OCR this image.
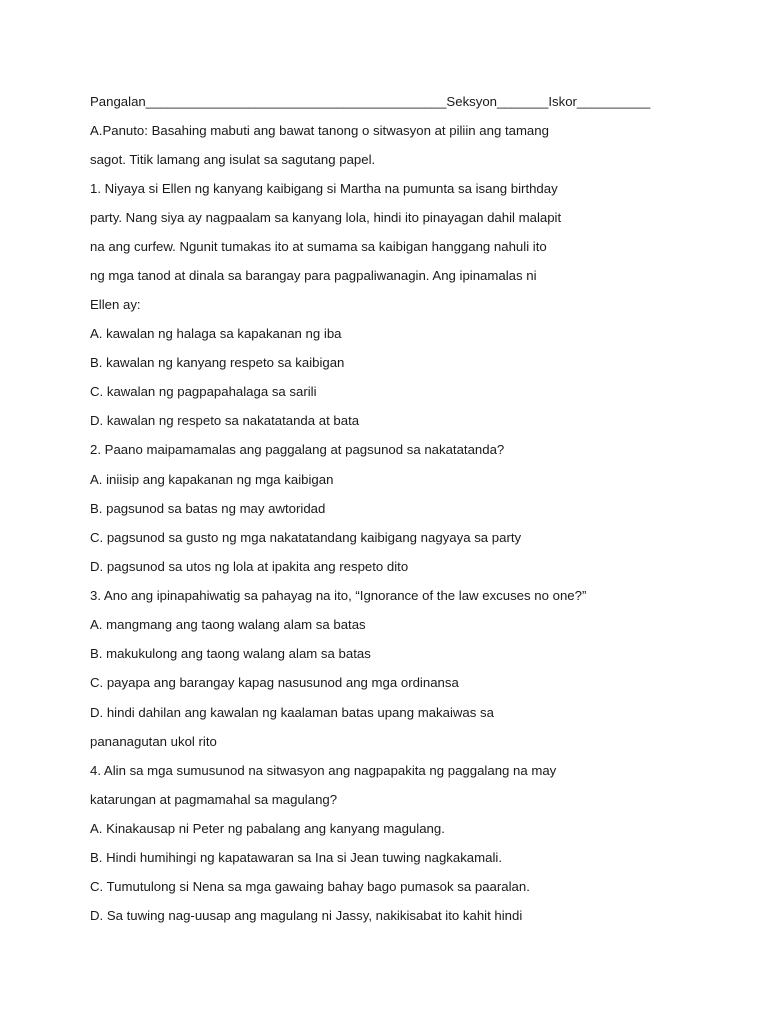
Pangalan_________________________________________Seksyon_______Iskor__________
A.Panuto: Basahing mabuti ang bawat tanong o sitwasyon at piliin ang tamang
sagot. Titik lamang ang isulat sa sagutang papel.
1. Niyaya si Ellen ng kanyang kaibigang si Martha na pumunta sa isang birthday
party. Nang siya ay nagpaalam sa kanyang lola, hindi ito pinayagan dahil malapit
na ang curfew. Ngunit tumakas ito at sumama sa kaibigan hanggang nahuli ito
ng mga tanod at dinala sa barangay para pagpaliwanagin. Ang ipinamalas ni
Ellen ay:
A. kawalan ng halaga sa kapakanan ng iba
B. kawalan ng kanyang respeto sa kaibigan
C. kawalan ng pagpapahalaga sa sarili
D. kawalan ng respeto sa nakatatanda at bata
2. Paano maipamamalas ang paggalang at pagsunod sa nakatatanda?
A. iniisip ang kapakanan ng mga kaibigan
B. pagsunod sa batas ng may awtoridad
C. pagsunod sa gusto ng mga nakatatandang kaibigang nagyaya sa party
D. pagsunod sa utos ng lola at ipakita ang respeto dito
3. Ano ang ipinapahiwatig sa pahayag na ito, “Ignorance of the law excuses no one?”
A. mangmang ang taong walang alam sa batas
B. makukulong ang taong walang alam sa batas
C. payapa ang barangay kapag nasusunod ang mga ordinansa
D. hindi dahilan ang kawalan ng kaalaman batas upang makaiwas sa
pananagutan ukol rito
4. Alin sa mga sumusunod na sitwasyon ang nagpapakita ng paggalang na may
katarungan at pagmamahal sa magulang?
A. Kinakausap ni Peter ng pabalang ang kanyang magulang.
B. Hindi humihingi ng kapatawaran sa Ina si Jean tuwing nagkakamali.
C. Tumutulong si Nena sa mga gawaing bahay bago pumasok sa paaralan.
D. Sa tuwing nag-uusap ang magulang ni Jassy, nakikisabat ito kahit hindi
